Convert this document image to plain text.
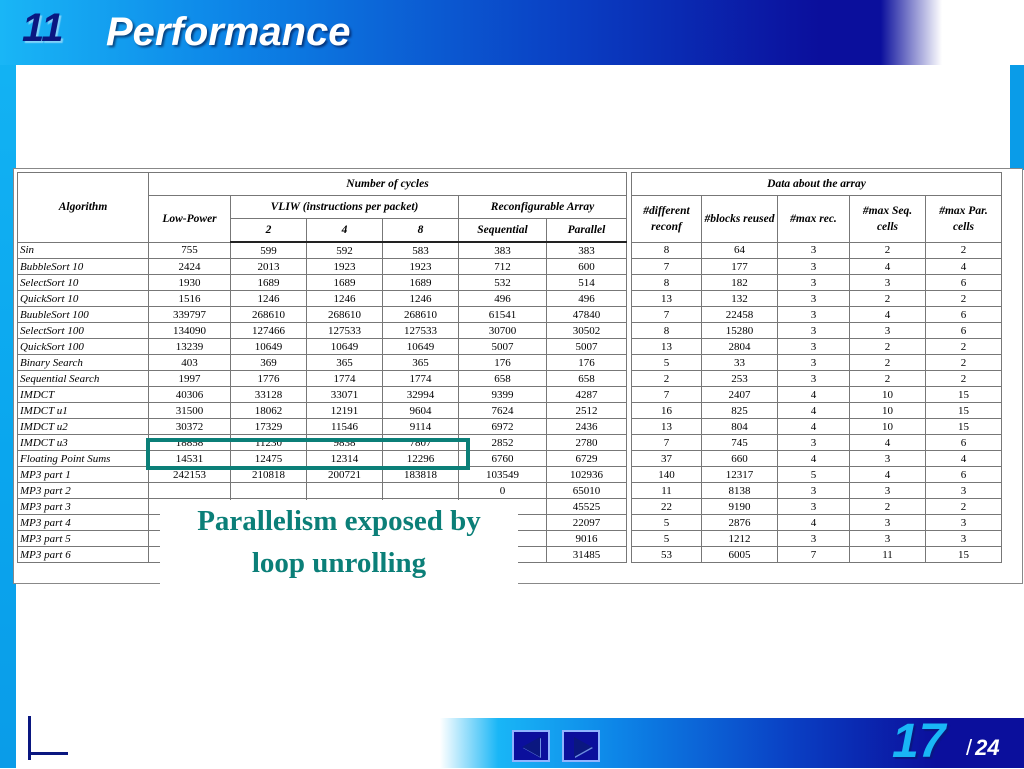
11 Performance
Algorithm	Number of cycles							Data about the array				
	Low-Power	VLIW (instructions per packet)			Reconfigurable Array			#different reconf	#blocks reused	#max rec.	#max Seq. cells	#max Par. cells
		2	4	8	Sequential	Parallel						
Sin	755	599	592	583	383	383		8	64	3	2	2
BubbleSort 10	2424	2013	1923	1923	712	600		7	177	3	4	4
SelectSort 10	1930	1689	1689	1689	532	514		8	182	3	3	6
QuickSort 10	1516	1246	1246	1246	496	496		13	132	3	2	2
BuubleSort 100	339797	268610	268610	268610	61541	47840		7	22458	3	4	6
SelectSort 100	134090	127466	127533	127533	30700	30502		8	15280	3	3	6
QuickSort 100	13239	10649	10649	10649	5007	5007		13	2804	3	2	2
Binary Search	403	369	365	365	176	176		5	33	3	2	2
Sequential Search	1997	1776	1774	1774	658	658		2	253	3	2	2
IMDCT	40306	33128	33071	32994	9399	4287		7	2407	4	10	15
IMDCT u1	31500	18062	12191	9604	7624	2512		16	825	4	10	15
IMDCT u2	30372	17329	11546	9114	6972	2436		13	804	4	10	15
IMDCT u3	18858	11230	9838	7807	2852	2780		7	745	3	4	6
Floating Point Sums	14531	12475	12314	12296	6760	6729		37	660	4	3	4
MP3 part 1	242153	210818	200721	183818	103549	102936		140	12317	5	4	6
MP3 part 2					0	65010		11	8138	3	3	3
MP3 part 3						45525		22	9190	3	2	2
MP3 part 4						22097		5	2876	4	3	3
MP3 part 5						9016		5	1212	3	3	3
MP3 part 6						31485		53	6005	7	11	15
Parallelism exposed by
loop unrolling
17 / 24
